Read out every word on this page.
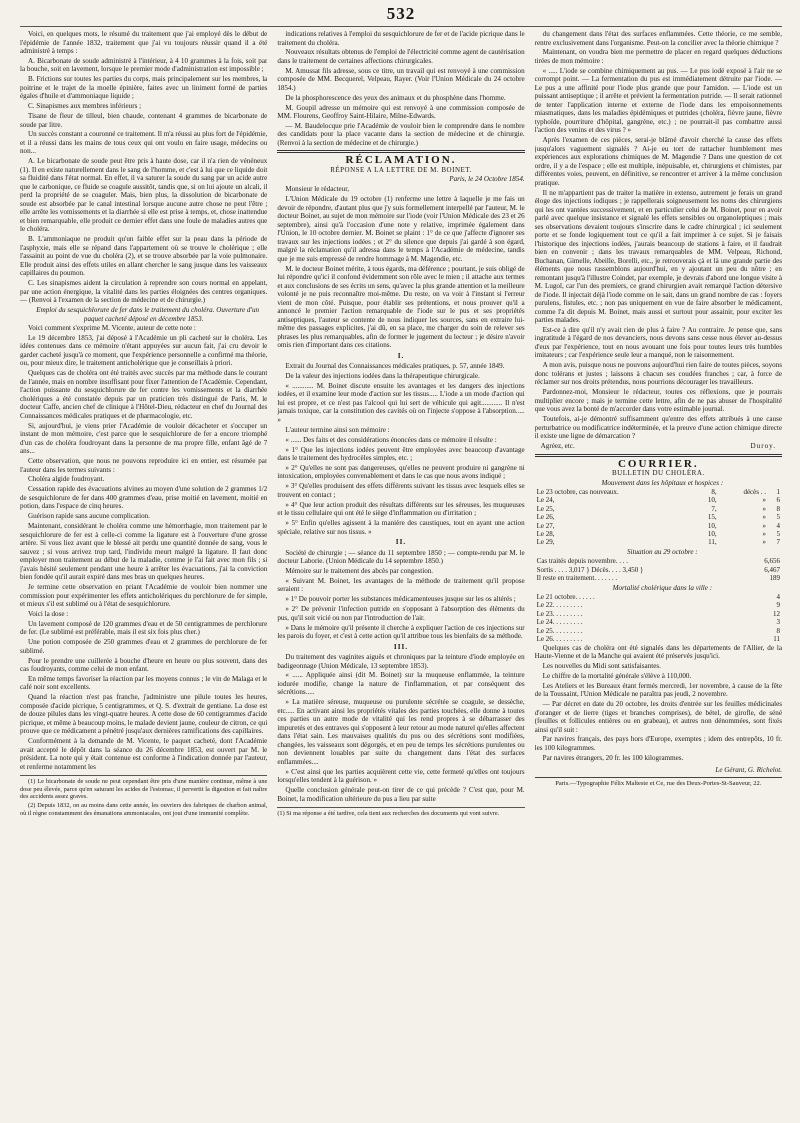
532

Voici, en quelques mots, le résumé du traitement que j'ai employé dès le début de l'épidémie de l'année 1832, traitement que j'ai vu toujours réussir quand il a été administré à temps :

A. Bicarbonate de soude administré à l'intérieur, à 4 10 grammes à la fois, soit par la bouche, soit en lavement, lorsque le premier mode d'administration est impossible ;

B. Frictions sur toutes les parties du corps, mais principalement sur les membres, la poitrine et le trajet de la moelle épinière, faites avec un liniment formé de parties égales d'huile et d'ammoniaque liquide ;

C. Sinapismes aux membres inférieurs ;

Tisane de fleur de tilleul, bien chaude, contenant 4 grammes de bicarbonate de soude par litre.

Un succès constant a couronné ce traitement. Il m'a réussi au plus fort de l'épidémie, et il a réussi dans les mains de tous ceux qui ont voulu en faire usage, médecins ou non...

A. Le bicarbonate de soude peut être pris à haute dose, car il n'a rien de vénéneux (1). Il en existe naturellement dans le sang de l'homme, et c'est à lui que ce liquide doit sa fluidité dans l'état normal. En effet, il va saturer la soude du sang par un acide autre que le carbonique, ce fluide se coagule aussitôt, tandis que, si on lui ajoute un alcali, il perd la propriété de se coaguler. Mais, bien plus, la dissolution de bicarbonate de soude est absorbée par le canal intestinal lorsque aucune autre chose ne peut l'être ; elle arrête les vomissements et la diarrhée si elle est prise à temps, et, chose inattendue et bien remarquable, elle produit ce dernier effet dans une foule de maladies autres que le choléra.

B. L'ammoniaque ne produit qu'un faible effet sur la peau dans la période de l'asphyxie, mais elle se répand dans l'appartement où se trouve le cholérique ; elle l'assainit au point de vue du choléra (2), et se trouve absorbée par la voie pulmonaire. Elle produit ainsi des effets utiles en allant chercher le sang jusque dans les vaisseaux capillaires du poumon.

C. Les sinapismes aident la circulation à reprendre son cours normal en appelant, par une action énergique, la vitalité dans les parties éloignées des centres organiques. — (Renvoi à l'examen de la section de médecine et de chirurgie.)

Emploi du sesquichlorure de fer dans le traitement du choléra. Ouverture d'un paquet cacheté déposé en décembre 1853.

Voici comment s'exprime M. Vicente, auteur de cette note :

Le 19 décembre 1853, j'ai déposé à l'Académie un pli cacheté sur le choléra. Les idées contenues dans ce mémoire n'étant appuyées sur aucun fait, j'ai cru devoir le garder cacheté jusqu'à ce moment, que l'expérience personnelle a confirmé ma théorie, ou, pour mieux dire, le traitement anticholérique que je conseillais à priori.

Quelques cas de choléra ont été traités avec succès par ma méthode dans le courant de l'année, mais en nombre insuffisant pour fixer l'attention de l'Académie. Cependant, l'action puissante du sesquichlorure de fer contre les vomissements et la diarrhée cholériques a été constatée depuis par un praticien très distingué de Paris, M. le docteur Caffe, ancien chef de clinique à l'Hôtel-Dieu, rédacteur en chef du Journal des Connaissances médicales pratiques et de pharmacologie, etc.

Si, aujourd'hui, je viens prier l'Académie de vouloir décacheter et s'occuper un instant de mon mémoire, c'est parce que le sesquichlorure de fer a encore triomphé d'un cas de choléra foudroyant dans la personne de ma propre fille, enfant âgé de 7 ans...

Cette observation, que nous ne pouvons reproduire ici en entier, est résumée par l'auteur dans les termes suivants :

Choléra algide foudroyant.

Cessation rapide des évacuations alvines au moyen d'une solution de 2 grammes 1/2 de sesquichlorure de fer dans 400 grammes d'eau, prise moitié en lavement, moitié en potion, dans l'espace de cinq heures.

Guérison rapide sans aucune complication.

Maintenant, considérant le choléra comme une hémorrhagie, mon traitement par le sesquichlorure de fer est à celle-ci comme la ligature est à l'ouverture d'une grosse artère. Si vous liez avant que le blessé ait perdu une quantité donnée de sang, vous le sauvez ; si vous arrivez trop tard, l'individu meurt malgré la ligature. Il faut donc employer mon traitement au début de la maladie, comme je l'ai fait avec mon fils ; si j'avais hésité seulement pendant une heure à arrêter les évacuations, j'ai la conviction bien fondée qu'il aurait expiré dans mes bras un quelques heures.

Je termine cette observation en priant l'Académie de vouloir bien nommer une commission pour expérimenter les effets anticholériques du perchlorure de fer simple, et mieux s'il est sublimé ou à l'état de sesquichlorure.

Voici la dose :

Un lavement composé de 120 grammes d'eau et de 50 centigrammes de perchlorure de fer. (Le sublimé est préférable, mais il est six fois plus cher.)

Une potion composée de 250 grammes d'eau et 2 grammes de perchlorure de fer sublimé.

Pour le prendre une cuillerée à bouche d'heure en heure ou plus souvent, dans des cas foudroyants, comme celui de mon enfant.

En même temps favoriser la réaction par les moyens connus ; le vin de Malaga et le café noir sont excellents.

Quand la réaction n'est pas franche, j'administre une pilule toutes les heures, composée d'acide picrique, 5 centigrammes, et Q. S. d'extrait de gentiane. La dose est de douze pilules dans les vingt-quatre heures. A cette dose de 60 centigrammes d'acide picrique, et même à beaucoup moins, le malade devient jaune, couleur de citron, ce qui prouve que ce médicament a pénétré jusqu'aux dernières ramifications des capillaires.

Conformément à la demande de M. Vicente, le paquet cacheté, dont l'Académie avait accepté le dépôt dans la séance du 26 décembre 1853, est ouvert par M. le président. La note qui y était contenue est conforme à l'indication donnée par l'auteur, et renferme notamment les

(1) Le bicarbonate de soude ne peut cependant être pris d'une manière continue, même à une dose peu élevée, parce qu'en saturant les acides de l'estomac, il pervertit la digestion et fait naître des accidents assez graves.

(2) Depuis 1832, on au moins dans cette année, les ouvriers des fabriques de charbon animal, où il règne constamment des émanations ammoniacales, ont joui d'une immunité complète.

indications relatives à l'emploi du sesquichlorure de fer et de l'acide picrique dans le traitement du choléra.

Nouveaux résultats obtenus de l'emploi de l'électricité comme agent de cautérisation dans le traitement de certaines affections chirurgicales.

M. Amussat fils adresse, sous ce titre, un travail qui est renvoyé à une commission composée de MM. Becquerel, Velpeau, Rayer. (Voir l'Union Médicale du 24 octobre 1854.)

De la phosphorescence des yeux des animaux et du phosphène dans l'homme.

M. Goupil adresse un mémoire qui est renvoyé à une commission composée de MM. Flourens, Geoffroy Saint-Hilaire, Milne-Edwards.

— M. Baudelocque prie l'Académie de vouloir bien le comprendre dans le nombre des candidats pour la place vacante dans la section de médecine et de chirurgie. (Renvoi à la section de médecine et de chirurgie.)

RÉCLAMATION.
RÉPONSE A LA LETTRE DE M. BOINET.

Paris, le 24 Octobre 1854.

Monsieur le rédacteur,

L'Union Médicale du 19 octobre (1) renferme une lettre à laquelle je me fais un devoir de répondre, d'autant plus que j'y suis formellement interpellé par l'auteur, M. le docteur Boinet, au sujet de mon mémoire sur l'iode (voir l'Union Médicale des 23 et 26 septembre), ainsi qu'à l'occasion d'une note y relative, imprimée également dans l'Union, le 10 octobre dernier. M. Boinet se plaint : 1° de ce que j'affecte d'ignorer ses travaux sur les injections iodées ; et 2° du silence que depuis j'ai gardé à son égard, malgré la réclamation qu'il adressa dans le temps à l'Académie de médecine, tandis que je me suis empressé de rendre hommage à M. Magendie, etc.

M. le docteur Boinet mérite, à tous égards, ma déférence ; pourtant, je suis obligé de lui répondre qu'ici il confond évidemment son rôle avec le mien ; il attache aux termes et aux conclusions de ses écrits un sens, qu'avec la plus grande attention et la meilleure volonté je ne puis reconnaître moi-même. Du reste, on va voir à l'instant si l'erreur vient de mon côté. Puisque, pour établir ses prétentions, et nous prouver qu'il a annoncé le premier l'action remarquable de l'iode sur le pus et ses propriétés antiseptiques, l'auteur se contente de nous indiquer les sources, sans en extraire lui-même des passages explicites, j'ai dû, en sa place, me charger du soin de relever ses phrases les plus remarquables, afin de former le jugement du lecteur ; je désire n'avoir omis rien d'important dans ces citations.

I.

Extrait du Journal des Connaissances médicales pratiques, p. 57, année 1849.

De la valeur des injections iodées dans la thérapeutique chirurgicale.

« ............ M. Boinet discute ensuite les avantages et les dangers des injections iodées, et il examine leur mode d'action sur les tissus..... L'iode a un mode d'action qui lui est propre, et ce n'est pas l'alcool qui lui sert de véhicule qui agit............ Il n'est jamais toxique, car la constitution des cavités où on l'injecte s'oppose à l'absorption..... »

L'auteur termine ainsi son mémoire :

« ...... Des faits et des considérations énoncées dans ce mémoire il résulte :

» 1° Que les injections iodées peuvent être employées avec beaucoup d'avantage dans le traitement des hydrocèles simples, etc. ;

» 2° Qu'elles ne sont pas dangereuses, qu'elles ne peuvent produire ni gangrène ni intoxication, employées convenablement et dans le cas que nous avons indiqué ;

» 3° Qu'elles produisent des effets différents suivant les tissus avec lesquels elles se trouvent en contact ;

» 4° Que leur action produit des résultats différents sur les séreuses, les muqueuses et le tissu cellulaire qui ont été le siège d'inflammation ou d'irritation ;

» 5° Enfin qu'elles agissent à la manière des caustiques, tout en ayant une action spéciale, relative sur nos tissus. »

II.

Société de chirurgie ; — séance du 11 septembre 1850 ; — compte-rendu par M. le docteur Laborie. (Union Médicale du 14 septembre 1850.)

Mémoire sur le traitement des abcès par congestion.

« Suivant M. Boinet, les avantages de la méthode de traitement qu'il propose seraient :

» 1° De pouvoir porter les substances médicamenteuses jusque sur les os altérés ;

» 2° De prévenir l'infection putride en s'opposant à l'absorption des éléments du pus, qu'il soit vicié ou non par l'introduction de l'air.

» Dans le mémoire qu'il présente il cherche à expliquer l'action de ces injections sur les parois du foyer, et c'est à cette action qu'il attribue tous les bienfaits de sa méthode.

III.

Du traitement des vaginites aiguës et chroniques par la teinture d'iode employée en badigeonnage (Union Médicale, 13 septembre 1853).

« ...... Appliquée ainsi (dit M. Boinet) sur la muqueuse enflammée, la teinture iodurée modifie, change la nature de l'inflammation, et par conséquent des sécrétions.....

» La matière séreuse, muqueuse ou purulente sécrétée se coagule, se dessèche, etc..... En activant ainsi les propriétés vitales des parties touchées, elle donne à toutes ces parties un autre mode de vitalité qui les rend propres à se débarrasser des impuretés et des entraves qui s'opposent à leur retour au mode naturel qu'elles affectent dans l'état sain. Les mauvaises qualités du pus ou des sécrétions sont modifiées, changées, les vaisseaux sont dégorgés, et en peu de temps les sécrétions purulentes ou non deviennent louables par suite du changement dans l'état des surfaces enflammées....

» C'est ainsi que les parties acquièrent cette vie, cette fermeté qu'elles ont toujours lorsqu'elles tendent à la guérison. »

Quelle conclusion générale peut-on tirer de ce qui précède ? C'est que, pour M. Boinet, la modification ultérieure du pus a lieu par suite

(1) Si ma réponse a été tardive, cela tient aux recherches des documents qui vont suivre.

du changement dans l'état des surfaces enflammées. Cette théorie, ce me semble, rentre exclusivement dans l'organisme. Peut-on la concilier avec la théorie chimique ?

Maintenant, on voudra bien me permettre de placer en regard quelques déductions tirées de mon mémoire :

« ..... L'iode se combine chimiquement au pus. — Le pus iodé exposé à l'air ne se corrompt point. — La fermentation du pus est immédiatement détruite par l'iode. — Le pus a une affinité pour l'iode plus grande que pour l'amidon. — L'iode est un puissant antiseptique ; il arrête et prévient la fermentation putride. — Il serait rationnel de tenter l'application interne et externe de l'iode dans les empoisonnements miasmatiques, dans les maladies épidémiques et putrides (choléra, fièvre jaune, fièvre typhoïde, pourriture d'hôpital, gangrène, etc.) ; ne pourrait-il pas combattre aussi l'action des venins et des virus ? »

Après l'examen de ces pièces, serai-je blâmé d'avoir cherché la cause des effets jusqu'alors vaguement signalés ? Ai-je eu tort de rattacher humblement mes expériences aux explorations chimiques de M. Magendie ? Dans une question de cet ordre, il y a de l'espace ; elle est multiple, inépuisable, et, chirurgiens et chimistes, par différentes voies, peuvent, en définitive, se rencontrer et arriver à la même conclusion pratique.

Il ne m'appartient pas de traiter la matière in extenso, autrement je ferais un grand éloge des injections iodiques ; je rappellerais soigneusement les noms des chirurgiens qui les ont vantées successivement, et en particulier celui de M. Boinet, pour en avoir parlé avec quelque insistance et signalé les effets sensibles ou organoleptiques ; mais ses observations devaient toujours s'inscrire dans le cadre chirurgical ; ici seulement porte et se fonde logiquement tout ce qu'il a fait imprimer à ce sujet. Si je faisais l'historique des injections iodées, j'aurais beaucoup de stations à faire, et il faudrait bien en convenir ; dans les travaux remarquables de MM. Velpeau, Richond, Buchanan, Gimelle, Abeille, Borelli, etc., je retrouverais çà et là une grande partie des éléments que nous rassemblons aujourd'hui, en y ajoutant un peu du nôtre ; en remontant jusqu'à l'illustre Coindet, par exemple, je devrais d'abord une longue visite à M. Lugol, car l'un des premiers, ce grand chirurgien avait remarqué l'action détersive de l'iode. Il injectait déjà l'iode comme on le sait, dans un grand nombre de cas : foyers purulens, fistules, etc. ; non pas uniquement en vue de faire absorber le médicament, comme l'a dit depuis M. Boinet, mais aussi et surtout pour assainir, pour exciter les parties malades.

Est-ce à dire qu'il n'y avait rien de plus à faire ? Au contraire. Je pense que, sans ingratitude à l'égard de nos devanciers, nous devons sans cesse nous élever au-dessus d'eux par l'expérience, tout en nous avouant une fois pour toutes leurs très humbles imitateurs ; car l'expérience seule leur a manqué, non le raisonnement.

A mon avis, puisque nous ne pouvons aujourd'hui rien faire de toutes pièces, soyons donc tolérans et justes ; laissons à chacun ses coudées franches ; car, à force de réclamer sur nos droits prétendus, nous pourrions décourager les travailleurs.

Pardonnez-moi, Monsieur le rédacteur, toutes ces réflexions, que je pourrais multiplier encore ; mais je termine cette lettre, afin de ne pas abuser de l'hospitalité que vous avez la bonté de m'accorder dans votre estimable journal.

Toutefois, ai-je démontré suffisamment qu'entre des effets attribués à une cause perturbatrice ou modificatrice indéterminée, et la preuve d'une action chimique directe il existe une ligne de démarcation ?

Agréez, etc.	Duroy.
COURRIER.
BULLETIN DU CHOLÉRA.

Mouvement dans les hôpitaux et hospices :

Le 23 octobre, cas nouveaux.	8,	décès . .	1
Le 24,	10,	»	6
Le 25,	7,	»	8
Le 26,	15,	»	5
Le 27,	10,	»	4
Le 28,	10,	»	5
Le 29,	11,	»	7

Situation au 29 octobre :

Cas traités depuis novembre. . . .	6,656
Sortis . . . . 3,017 } Décès. . . . 3,450 }	6,467
Il reste en traitement. . . . . . .	189

Mortalité cholérique dans la ville :

Le 21 octobre. . . . . .	4
Le 22. . . . . . . . .	9
Le 23. . . . . . . . .	12
Le 24. . . . . . . . .	3
Le 25. . . . . . . . .	8
Le 26. . . . . . . . .	11

Quelques cas de choléra ont été signalés dans les départements de l'Allier, de la Haute-Vienne et de la Manche qui avaient été préservés jusqu'ici.

Les nouvelles du Midi sont satisfaisantes.

Le chiffre de la mortalité générale s'élève à 110,000.

Les Ateliers et les Bureaux étant fermés mercredi, 1er novembre, à cause de la fête de la Toussaint, l'Union Médicale ne paraîtra pas jeudi, 2 novembre.

— Par décret en date du 20 octobre, les droits d'entrée sur les feuilles médicinales d'oranger et de lierre (tiges et branches comprises), de bétel, de girofle, de séné (feuilles et follicules entières ou en grabeau), et autres non dénommées, sont fixés ainsi qu'il suit :

Par navires français, des pays hors d'Europe, exemptes ; idem des entrepôts, 10 fr. les 100 kilogrammes.

Par navires étrangers, 20 fr. les 100 kilogrammes.

Le Gérant, G. Richelot.
Paris.—Typographie Félix Malteste et Ce, rue des Deux-Portes-St-Sauveur, 22.
